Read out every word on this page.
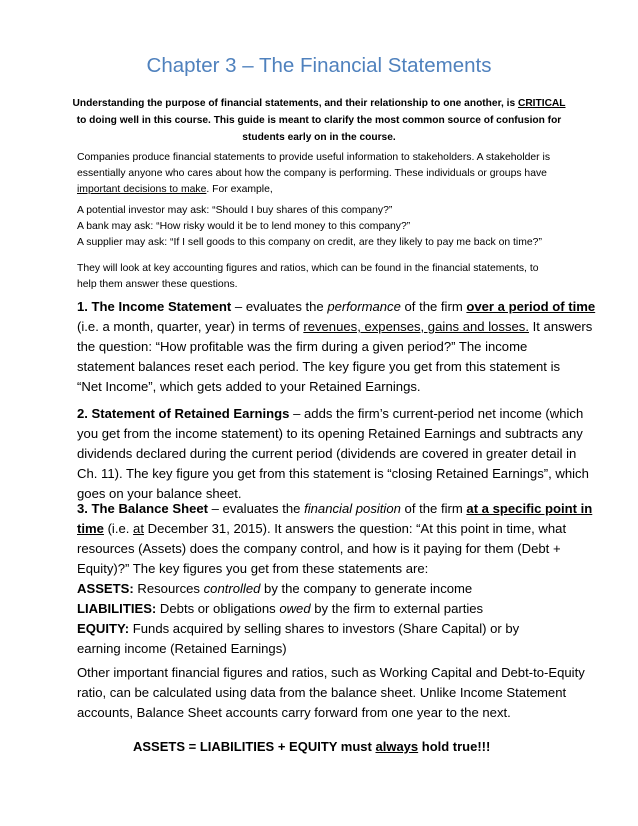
Chapter 3 – The Financial Statements
Understanding the purpose of financial statements, and their relationship to one another, is CRITICAL
to doing well in this course. This guide is meant to clarify the most common source of confusion for
students early on in the course.
Companies produce financial statements to provide useful information to stakeholders. A stakeholder is
essentially anyone who cares about how the company is performing. These individuals or groups have
important decisions to make. For example,
A potential investor may ask: “Should I buy shares of this company?”
A bank may ask: “How risky would it be to lend money to this company?”
A supplier may ask: “If I sell goods to this company on credit, are they likely to pay me back on time?”
They will look at key accounting figures and ratios, which can be found in the financial statements, to
help them answer these questions.
1. The Income Statement – evaluates the performance of the firm over a period of time
(i.e. a month, quarter, year) in terms of revenues, expenses, gains and losses. It answers
the question: “How profitable was the firm during a given period?” The income
statement balances reset each period. The key figure you get from this statement is
“Net Income”, which gets added to your Retained Earnings.
2. Statement of Retained Earnings – adds the firm’s current-period net income (which
you get from the income statement) to its opening Retained Earnings and subtracts any
dividends declared during the current period (dividends are covered in greater detail in
Ch. 11). The key figure you get from this statement is “closing Retained Earnings”, which
goes on your balance sheet.
3. The Balance Sheet – evaluates the financial position of the firm at a specific point in
time (i.e. at December 31, 2015). It answers the question: “At this point in time, what
resources (Assets) does the company control, and how is it paying for them (Debt +
Equity)?” The key figures you get from these statements are:
ASSETS: Resources controlled by the company to generate income
LIABILITIES: Debts or obligations owed by the firm to external parties
EQUITY: Funds acquired by selling shares to investors (Share Capital) or by
earning income (Retained Earnings)
Other important financial figures and ratios, such as Working Capital and Debt-to-Equity
ratio, can be calculated using data from the balance sheet. Unlike Income Statement
accounts, Balance Sheet accounts carry forward from one year to the next.
ASSETS = LIABILITIES + EQUITY must always hold true!!!
